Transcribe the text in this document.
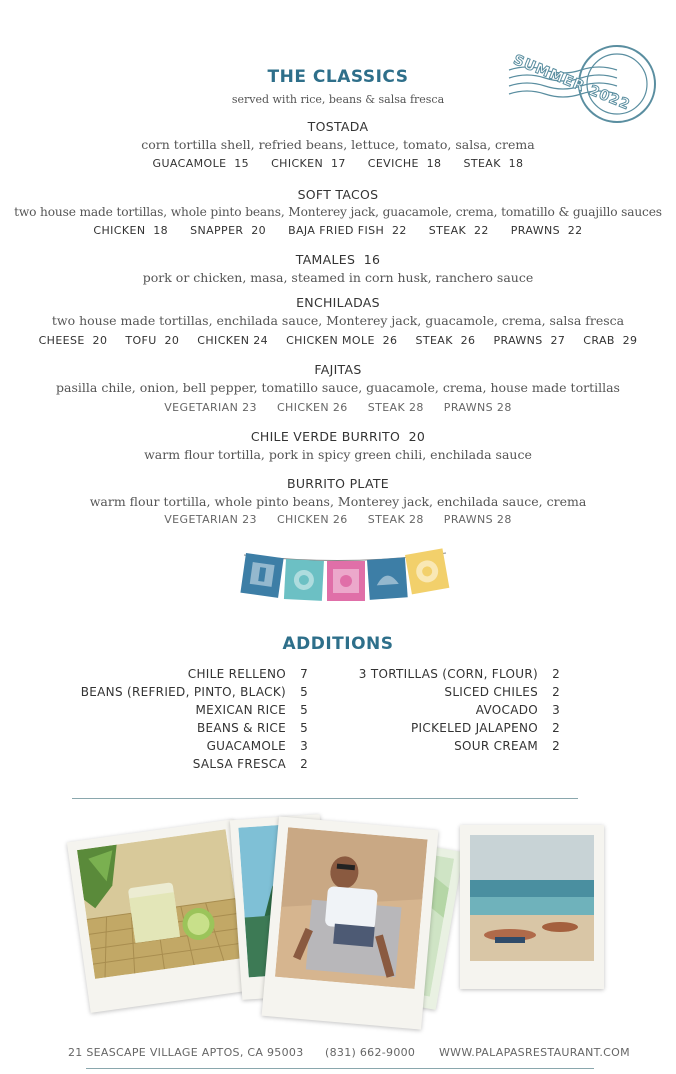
SUMMER 2022
THE CLASSICS
served with rice, beans & salsa fresca
TOSTADA
corn tortilla shell, refried beans, lettuce, tomato, salsa, crema
GUACAMOLE  15 CHICKEN  17 CEVICHE  18 STEAK  18
SOFT TACOS
two house made tortillas, whole pinto beans, Monterey jack, guacamole, crema, tomatillo & guajillo sauces
CHICKEN  18 SNAPPER  20 BAJA FRIED FISH  22 STEAK  22 PRAWNS  22
TAMALES  16
pork or chicken, masa, steamed in corn husk, ranchero sauce
ENCHILADAS
two house made tortillas, enchilada sauce, Monterey jack, guacamole, crema, salsa fresca
CHEESE  20 TOFU  20 CHICKEN 24 CHICKEN MOLE  26 STEAK  26 PRAWNS  27 CRAB  29
FAJITAS
pasilla chile, onion, bell pepper, tomatillo sauce, guacamole, crema, house made tortillas
VEGETARIAN 23 CHICKEN 26 STEAK 28 PRAWNS 28
CHILE VERDE BURRITO  20
warm flour tortilla, pork in spicy green chili, enchilada sauce
BURRITO PLATE
warm flour tortilla, whole pinto beans, Monterey jack, enchilada sauce, crema
VEGETARIAN 23 CHICKEN 26 STEAK 28 PRAWNS 28
ADDITIONS
CHILE RELLENO 7
BEANS (REFRIED, PINTO, BLACK) 5
MEXICAN RICE 5
BEANS & RICE 5
GUACAMOLE 3
SALSA FRESCA 2
3 TORTILLAS (CORN, FLOUR) 2
SLICED CHILES 2
AVOCADO 3
PICKELED JALAPENO 2
SOUR CREAM 2
21 SEASCAPE VILLAGE APTOS, CA 95003 (831) 662-9000 WWW.PALAPASRESTAURANT.COM
